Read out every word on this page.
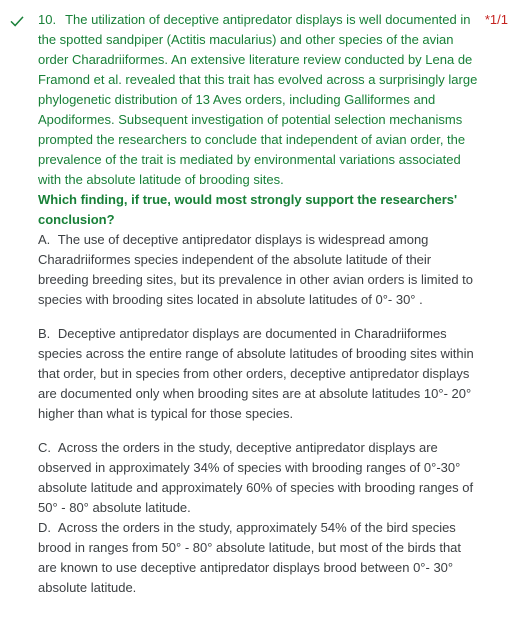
*1/1
10. The utilization of deceptive antipredator displays is well documented in the spotted sandpiper (Actitis macularius) and other species of the avian order Charadriiformes. An extensive literature review conducted by Lena de Framond et al. revealed that this trait has evolved across a surprisingly large phylogenetic distribution of 13 Aves orders, including Galliformes and Apodiformes. Subsequent investigation of potential selection mechanisms prompted the researchers to conclude that independent of avian order, the prevalence of the trait is mediated by environmental variations associated with the absolute latitude of brooding sites.
Which finding, if true, would most strongly support the researchers' conclusion?
A. The use of deceptive antipredator displays is widespread among Charadriiformes species independent of the absolute latitude of their breeding breeding sites, but its prevalence in other avian orders is limited to species with brooding sites located in absolute latitudes of 0°- 30° .
B. Deceptive antipredator displays are documented in Charadriiformes species across the entire range of absolute latitudes of brooding sites within that order, but in species from other orders, deceptive antipredator displays are documented only when brooding sites are at absolute latitudes 10°- 20° higher than what is typical for those species.
C. Across the orders in the study, deceptive antipredator displays are observed in approximately 34% of species with brooding ranges of 0°-30° absolute latitude and approximately 60% of species with brooding ranges of 50° - 80° absolute latitude.
D. Across the orders in the study, approximately 54% of the bird species brood in ranges from 50° - 80° absolute latitude, but most of the birds that are known to use deceptive antipredator displays brood between 0°- 30° absolute latitude.
